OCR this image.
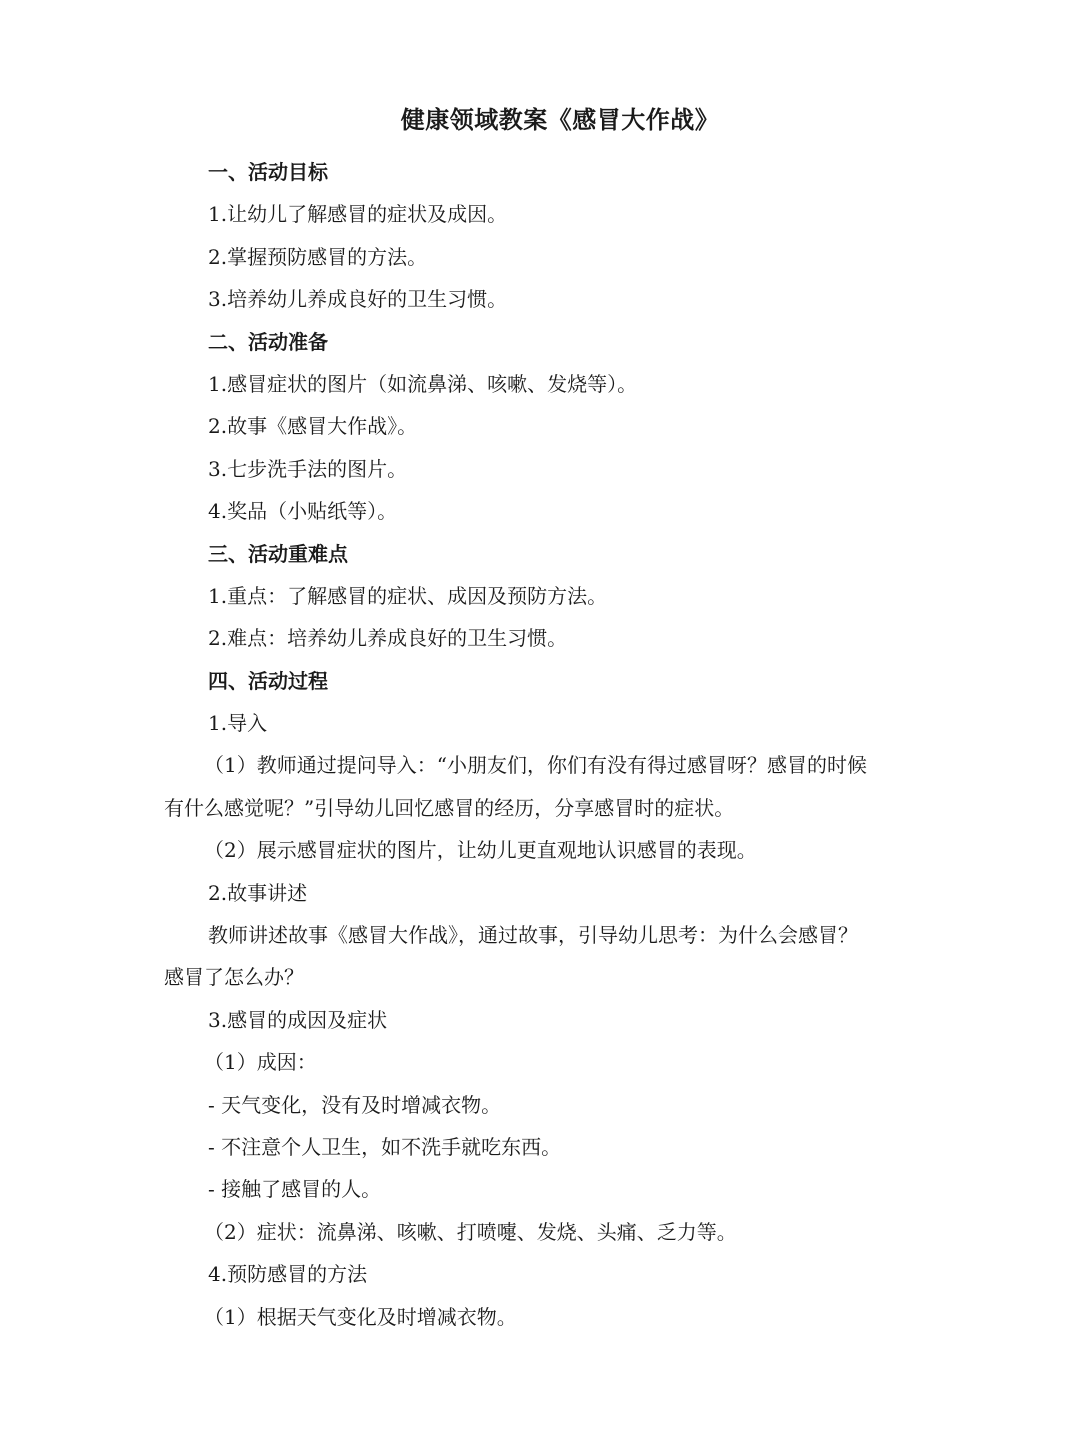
健康领域教案《感冒大作战》
一、活动目标
1.让幼儿了解感冒的症状及成因。
2.掌握预防感冒的方法。
3.培养幼儿养成良好的卫生习惯。
二、活动准备
1.感冒症状的图片（如流鼻涕、咳嗽、发烧等）。
2.故事《感冒大作战》。
3.七步洗手法的图片。
4.奖品（小贴纸等）。
三、活动重难点
1.重点：了解感冒的症状、成因及预防方法。
2.难点：培养幼儿养成良好的卫生习惯。
四、活动过程
1.导入
（1）教师通过提问导入：“小朋友们，你们有没有得过感冒呀？感冒的时候
有什么感觉呢？”引导幼儿回忆感冒的经历，分享感冒时的症状。
（2）展示感冒症状的图片，让幼儿更直观地认识感冒的表现。
2.故事讲述
教师讲述故事《感冒大作战》，通过故事，引导幼儿思考：为什么会感冒？
感冒了怎么办？
3.感冒的成因及症状
（1）成因：
- 天气变化，没有及时增减衣物。
- 不注意个人卫生，如不洗手就吃东西。
- 接触了感冒的人。
（2）症状：流鼻涕、咳嗽、打喷嚏、发烧、头痛、乏力等。
4.预防感冒的方法
（1）根据天气变化及时增减衣物。
